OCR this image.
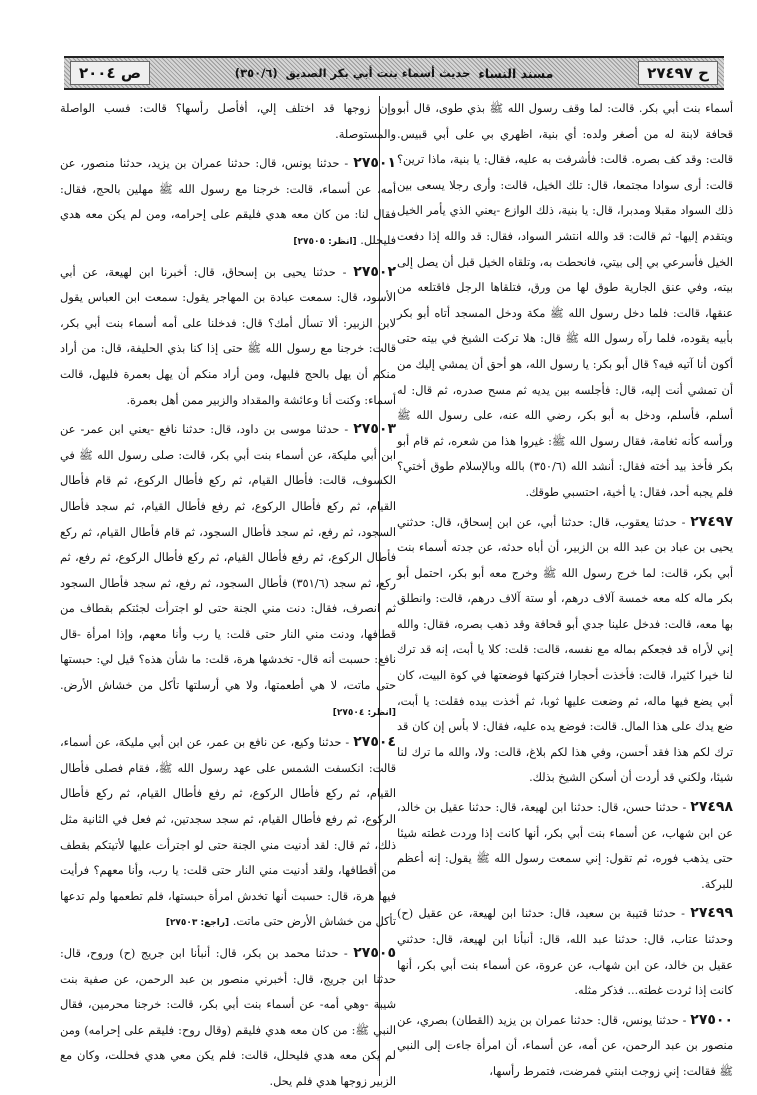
ح ٢٧٤٩٧
مسند النساء
حديث أسماء بنت أبي بكر الصديق
(٣٥٠/٦)
ص ٢٠٠٤

أسماء بنت أبي بكر. قالت: لما وقف رسول الله ﷺ بذي طوى، قال أبو قحافة لابنة له من أصغر ولده: أي بنية، اظهري بي على أبي قبيس. قالت: وقد كف بصره. قالت: فأشرفت به عليه، فقال: يا بنية، ماذا ترين؟ قالت: أرى سوادا مجتمعا، قال: تلك الخيل، قالت: وأرى رجلا يسعى بين ذلك السواد مقبلا ومدبرا، قال: يا بنية، ذلك الوازع -يعني الذي يأمر الخيل ويتقدم إليها- ثم قالت: قد والله انتشر السواد، فقال: قد والله إذا دفعت الخيل فأسرعي بي إلى بيتي، فانحطت به، وتلقاه الخيل قبل أن يصل إلى بيته، وفي عنق الجارية طوق لها من ورق، فتلقاها الرجل فاقتلعه من عنقها، قالت: فلما دخل رسول الله ﷺ مكة ودخل المسجد أتاه أبو بكر بأبيه يقوده، فلما رآه رسول الله ﷺ قال: هلا تركت الشيخ في بيته حتى أكون أنا آتيه فيه؟ قال أبو بكر: يا رسول الله، هو أحق أن يمشي إليك من أن تمشي أنت إليه، قال: فأجلسه بين يديه ثم مسح صدره، ثم قال: له أسلم، فأسلم، ودخل به أبو بكر، رضي الله عنه، على رسول الله ﷺ ورأسه كأنه ثغامة، فقال رسول الله ﷺ: غيروا هذا من شعره، ثم قام أبو بكر فأخذ بيد أخته فقال: أنشد الله (٣٥٠/٦) بالله وبالإسلام طوق أختي؟ فلم يجبه أحد، فقال: يا أخية، احتسبي طوقك.

٢٧٤٩٧ - حدثنا يعقوب، قال: حدثنا أبي، عن ابن إسحاق، قال: حدثني يحيى بن عباد بن عبد الله بن الزبير، أن أباه حدثه، عن جدته أسماء بنت أبي بكر، قالت: لما خرج رسول الله ﷺ وخرج معه أبو بكر، احتمل أبو بكر ماله كله معه خمسة آلاف درهم، أو ستة آلاف درهم، قالت: وانطلق بها معه، قالت: فدخل علينا جدي أبو قحافة وقد ذهب بصره، فقال: والله إني لأراه قد فجعكم بماله مع نفسه، قالت: قلت: كلا يا أبت، إنه قد ترك لنا خيرا كثيرا، قالت: فأخذت أحجارا فتركتها فوضعتها في كوة البيت، كان أبي يضع فيها ماله، ثم وضعت عليها ثوبا، ثم أخذت بيده فقلت: يا أبت، ضع يدك على هذا المال. قالت: فوضع يده عليه، فقال: لا بأس إن كان قد ترك لكم هذا فقد أحسن، وفي هذا لكم بلاغ، قالت: ولا، والله ما ترك لنا شيئا، ولكني قد أردت أن أسكن الشيخ بذلك.

٢٧٤٩٨ - حدثنا حسن، قال: حدثنا ابن لهيعة، قال: حدثنا عقيل بن خالد، عن ابن شهاب، عن أسماء بنت أبي بكر، أنها كانت إذا وردت غطته شيئا حتى يذهب فوره، ثم تقول: إني سمعت رسول الله ﷺ يقول: إنه أعظم للبركة.

٢٧٤٩٩ - حدثنا قتيبة بن سعيد، قال: حدثنا ابن لهيعة، عن عقيل (ح) وحدثنا عتاب، قال: حدثنا عبد الله، قال: أنبأنا ابن لهيعة، قال: حدثني عقيل بن خالد، عن ابن شهاب، عن عروة، عن أسماء بنت أبي بكر، أنها كانت إذا ثردت غطته... فذكر مثله.

٢٧٥٠٠ - حدثنا يونس، قال: حدثنا عمران بن يزيد (القطان) بصري، عن منصور بن عبد الرحمن، عن أمه، عن أسماء، أن امرأة جاءت إلى النبي ﷺ فقالت: إني زوجت ابنتي فمرضت، فتمرط رأسها،

وإن زوجها قد اختلف إلي، أفأصل رأسها؟ قالت: فسب الواصلة والمستوصلة.

٢٧٥٠١ - حدثنا يونس، قال: حدثنا عمران بن يزيد، حدثنا منصور، عن أمه، عن أسماء، قالت: خرجنا مع رسول الله ﷺ مهلين بالحج، فقال: فقال لنا: من كان معه هدي فليقم على إحرامه، ومن لم يكن معه هدي فليحلل. [انظر: ٢٧٥٠٥]

٢٧٥٠٢ - حدثنا يحيى بن إسحاق، قال: أخبرنا ابن لهيعة، عن أبي الأسود، قال: سمعت عبادة بن المهاجر يقول: سمعت ابن العباس يقول لابن الزبير: ألا تسأل أمك؟ قال: فدخلنا على أمه أسماء بنت أبي بكر، قالت: خرجنا مع رسول الله ﷺ حتى إذا كنا بذي الحليفة، قال: من أراد منكم أن يهل بالحج فليهل، ومن أراد منكم أن يهل بعمرة فليهل، قالت أسماء: وكنت أنا وعائشة والمقداد والزبير ممن أهل بعمرة.

٢٧٥٠٣ - حدثنا موسى بن داود، قال: حدثنا نافع -يعني ابن عمر- عن ابن أبي مليكة، عن أسماء بنت أبي بكر، قالت: صلى رسول الله ﷺ في الكسوف، قالت: فأطال القيام، ثم ركع فأطال الركوع، ثم قام فأطال القيام، ثم ركع فأطال الركوع، ثم رفع فأطال القيام، ثم سجد فأطال السجود، ثم رفع، ثم سجد فأطال السجود، ثم قام فأطال القيام، ثم ركع فأطال الركوع، ثم رفع فأطال القيام، ثم ركع فأطال الركوع، ثم رفع، ثم ركع، ثم سجد (٣٥١/٦) فأطال السجود، ثم رفع، ثم سجد فأطال السجود ثم انصرف، فقال: دنت مني الجنة حتى لو اجترأت لجئتكم بقطاف من قطافها، ودنت مني النار حتى قلت: يا رب وأنا معهم، وإذا امرأة -قال نافع: حسبت أنه قال- تخدشها هرة، قلت: ما شأن هذه؟ قيل لي: حبستها حتى ماتت، لا هي أطعمتها، ولا هي أرسلتها تأكل من خشاش الأرض. [انظر: ٢٧٥٠٤]

٢٧٥٠٤ - حدثنا وكيع، عن نافع بن عمر، عن ابن أبي مليكة، عن أسماء، قالت: انكسفت الشمس على عهد رسول الله ﷺ، فقام فصلى فأطال القيام، ثم ركع فأطال الركوع، ثم رفع فأطال القيام، ثم ركع فأطال الركوع، ثم رفع فأطال القيام، ثم سجد سجدتين، ثم فعل في الثانية مثل ذلك، ثم قال: لقد أدنيت مني الجنة حتى لو اجترأت عليها لأتيتكم بقطف من أقطافها، ولقد أدنيت مني النار حتى قلت: يا رب، وأنا معهم؟ فرأيت فيها هرة، قال: حسبت أنها تخدش امرأة حبستها، فلم تطعمها ولم تدعها تأكل من خشاش الأرض حتى ماتت. [راجع: ٢٧٥٠٣]

٢٧٥٠٥ - حدثنا محمد بن بكر، قال: أنبأنا ابن جريج (ح) وروح، قال: حدثنا ابن جريج، قال: أخبرني منصور بن عبد الرحمن، عن صفية بنت شيبة -وهي أمه- عن أسماء بنت أبي بكر، قالت: خرجنا محرمين، فقال النبي ﷺ: من كان معه هدي فليقم (وقال روح: فليقم على إحرامه) ومن لم يكن معه هدي فليحلل، قالت: فلم يكن معي هدي فحللت، وكان مع الزبير زوجها هدي فلم يحل.
